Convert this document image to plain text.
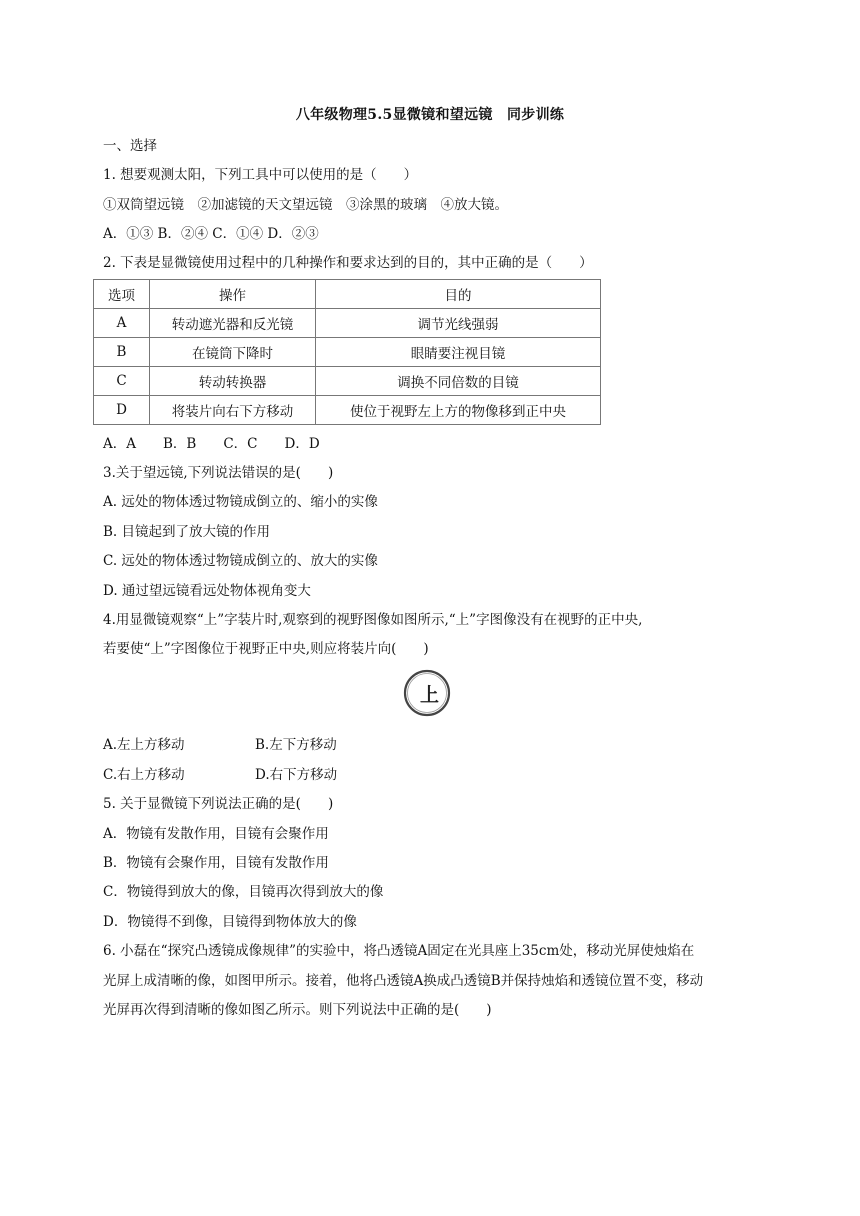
八年级物理5.5显微镜和望远镜　同步训练
一、选择
1. 想要观测太阳，下列工具中可以使用的是（　　）
①双筒望远镜　②加滤镜的天文望远镜　③涂黑的玻璃　④放大镜。
A．①③ B．②④ C．①④ D．②③
2. 下表是显微镜使用过程中的几种操作和要求达到的目的，其中正确的是（　　）
选项	操作	目的
A	转动遮光器和反光镜	调节光线强弱
B	在镜筒下降时	眼睛要注视目镜
C	转动转换器	调换不同倍数的目镜
D	将装片向右下方移动	使位于视野左上方的物像移到正中央
A．A　　B．B　　C．C　　D．D
3.关于望远镜,下列说法错误的是(　　)
A. 远处的物体透过物镜成倒立的、缩小的实像
B. 目镜起到了放大镜的作用
C. 远处的物体透过物镜成倒立的、放大的实像
D. 通过望远镜看远处物体视角变大
4.用显微镜观察“上”字装片时,观察到的视野图像如图所示,“上”字图像没有在视野的正中央,
若要使“上”字图像位于视野正中央,则应将装片向(　　)
上
A.左上方移动	B.左下方移动
C.右上方移动	D.右下方移动
5. 关于显微镜下列说法正确的是(　　)
A．物镜有发散作用，目镜有会聚作用
B．物镜有会聚作用，目镜有发散作用
C．物镜得到放大的像，目镜再次得到放大的像
D．物镜得不到像，目镜得到物体放大的像
6. 小磊在“探究凸透镜成像规律”的实验中，将凸透镜A固定在光具座上35cm处，移动光屏使烛焰在
光屏上成清晰的像，如图甲所示。接着，他将凸透镜A换成凸透镜B并保持烛焰和透镜位置不变，移动
光屏再次得到清晰的像如图乙所示。则下列说法中正确的是(　　)
